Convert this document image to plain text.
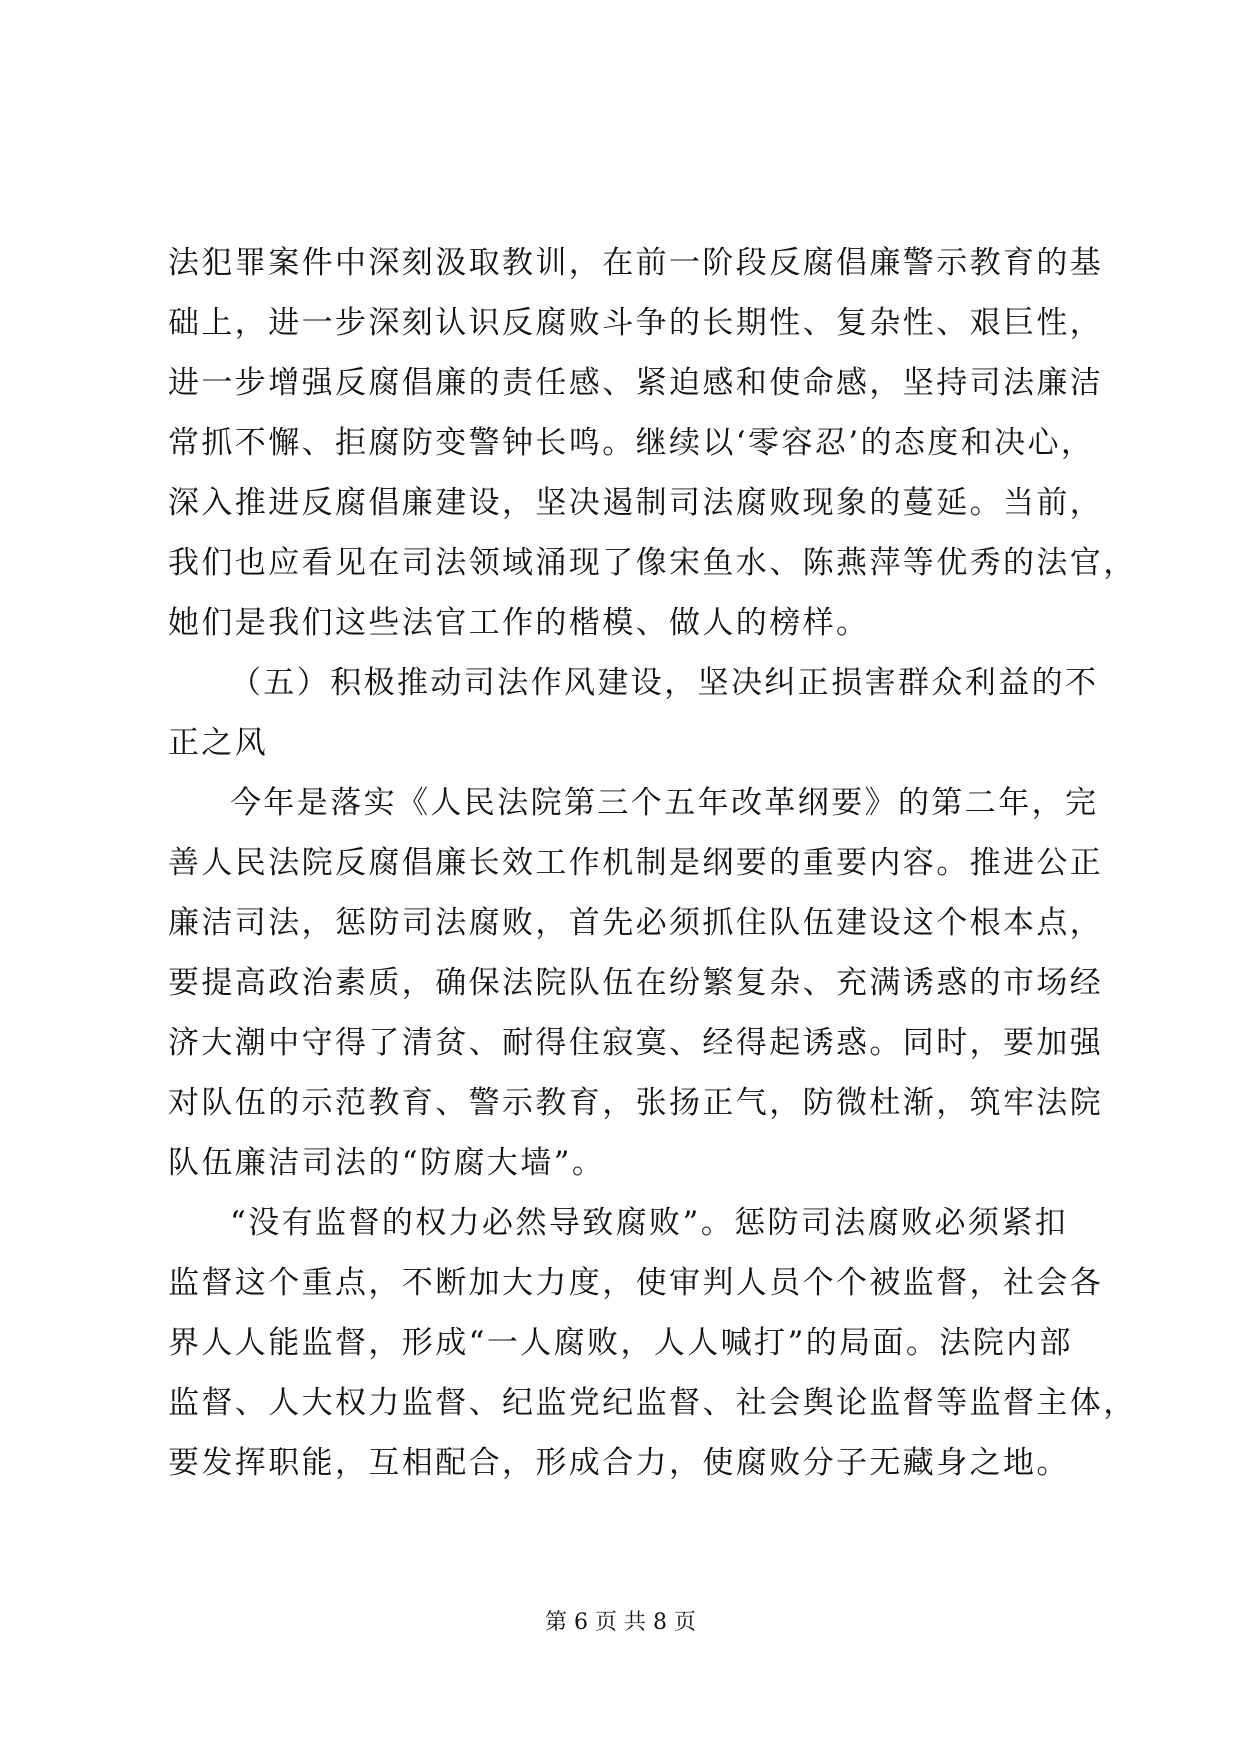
法犯罪案件中深刻汲取教训，在前一阶段反腐倡廉警示教育的基
础上，进一步深刻认识反腐败斗争的长期性、复杂性、艰巨性，
进一步增强反腐倡廉的责任感、紧迫感和使命感，坚持司法廉洁
常抓不懈、拒腐防变警钟长鸣。继续以‘零容忍’的态度和决心，
深入推进反腐倡廉建设，坚决遏制司法腐败现象的蔓延。当前，
我们也应看见在司法领域涌现了像宋鱼水、陈燕萍等优秀的法官，
她们是我们这些法官工作的楷模、做人的榜样。
（五）积极推动司法作风建设，坚决纠正损害群众利益的不
正之风
今年是落实《人民法院第三个五年改革纲要》的第二年，完
善人民法院反腐倡廉长效工作机制是纲要的重要内容。推进公正
廉洁司法，惩防司法腐败，首先必须抓住队伍建设这个根本点，
要提高政治素质，确保法院队伍在纷繁复杂、充满诱惑的市场经
济大潮中守得了清贫、耐得住寂寞、经得起诱惑。同时，要加强
对队伍的示范教育、警示教育，张扬正气，防微杜渐，筑牢法院
队伍廉洁司法的“防腐大墙”。
“没有监督的权力必然导致腐败”。惩防司法腐败必须紧扣
监督这个重点，不断加大力度，使审判人员个个被监督，社会各
界人人能监督，形成“一人腐败，人人喊打”的局面。法院内部
监督、人大权力监督、纪监党纪监督、社会舆论监督等监督主体，
要发挥职能，互相配合，形成合力，使腐败分子无藏身之地。
第 6 页 共 8 页
